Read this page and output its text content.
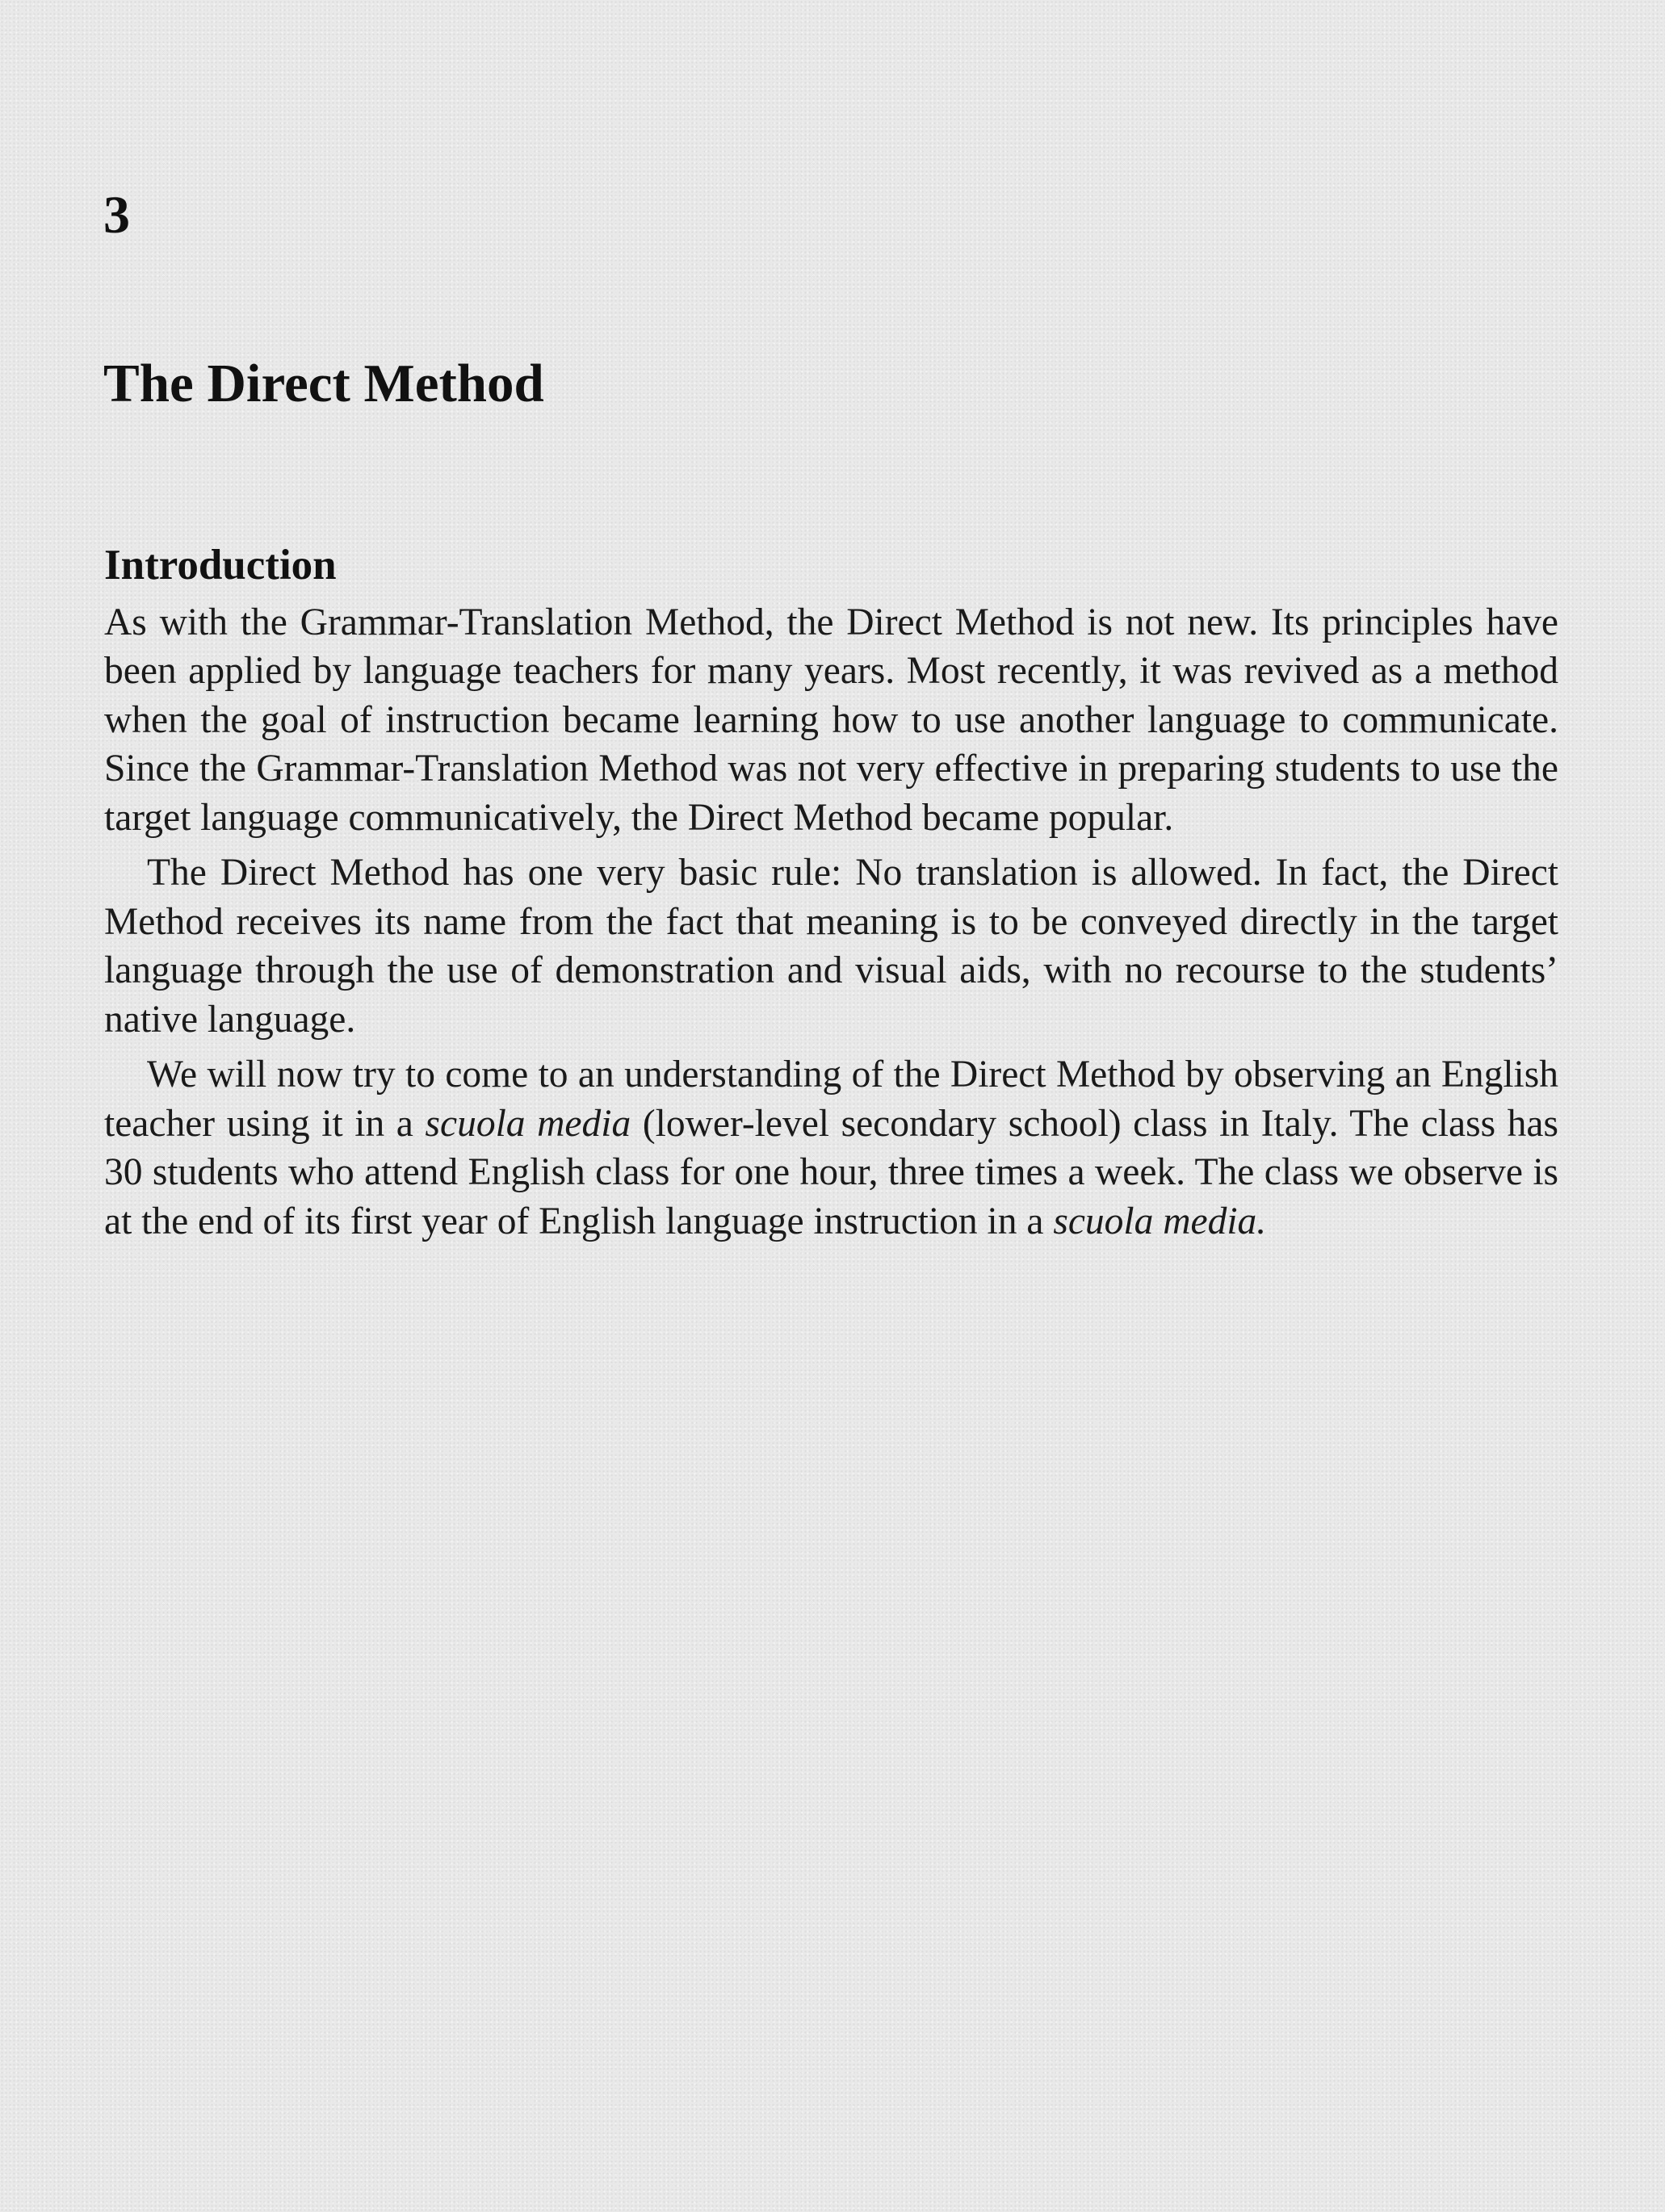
3
The Direct Method
Introduction

As with the Grammar-Translation Method, the Direct Method is not new. Its principles have been applied by language teachers for many years. Most recently, it was revived as a method when the goal of instruction became learning how to use another language to communicate. Since the Grammar-Translation Method was not very effective in preparing students to use the target language communicatively, the Direct Method became popular.

The Direct Method has one very basic rule: No translation is allowed. In fact, the Direct Method receives its name from the fact that meaning is to be conveyed directly in the target language through the use of demonstration and visual aids, with no recourse to the students’ native language.

We will now try to come to an understanding of the Direct Method by observing an English teacher using it in a scuola media (lower-level secondary school) class in Italy. The class has 30 students who attend English class for one hour, three times a week. The class we observe is at the end of its first year of English language instruction in a scuola media.
